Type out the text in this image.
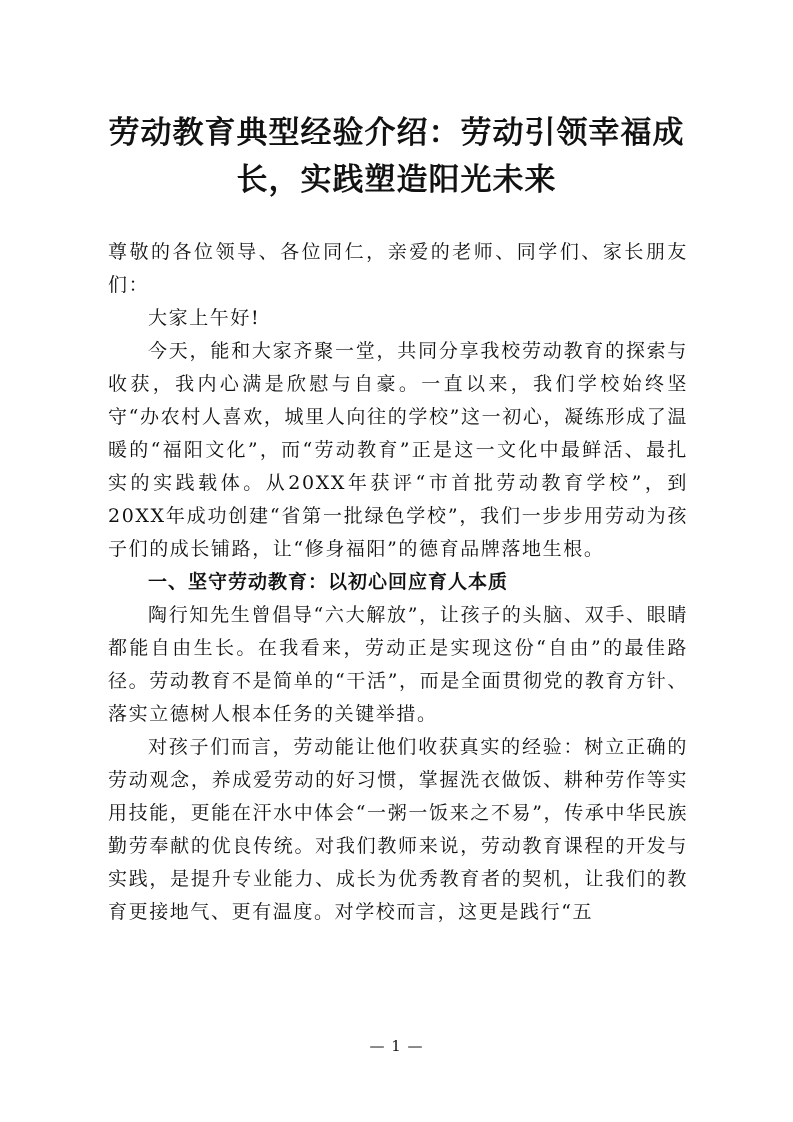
劳动教育典型经验介绍：劳动引领幸福成
长，实践塑造阳光未来

尊敬的各位领导、各位同仁，亲爱的老师、同学们、家长朋友们：

大家上午好!

今天，能和大家齐聚一堂，共同分享我校劳动教育的探索与收获，我内心满是欣慰与自豪。一直以来，我们学校始终坚守“办农村人喜欢，城里人向往的学校”这一初心，凝练形成了温暖的“福阳文化”，而“劳动教育”正是这一文化中最鲜活、最扎实的实践载体。从20XX年获评“市首批劳动教育学校”，到20XX年成功创建“省第一批绿色学校”，我们一步步用劳动为孩子们的成长铺路，让“修身福阳”的德育品牌落地生根。

一、坚守劳动教育：以初心回应育人本质

陶行知先生曾倡导“六大解放”，让孩子的头脑、双手、眼睛都能自由生长。在我看来，劳动正是实现这份“自由”的最佳路径。劳动教育不是简单的“干活”，而是全面贯彻党的教育方针、落实立德树人根本任务的关键举措。

对孩子们而言，劳动能让他们收获真实的经验：树立正确的劳动观念，养成爱劳动的好习惯，掌握洗衣做饭、耕种劳作等实用技能，更能在汗水中体会“一粥一饭来之不易”，传承中华民族勤劳奉献的优良传统。对我们教师来说，劳动教育课程的开发与实践，是提升专业能力、成长为优秀教育者的契机，让我们的教育更接地气、更有温度。对学校而言，这更是践行“五

— 1 —
